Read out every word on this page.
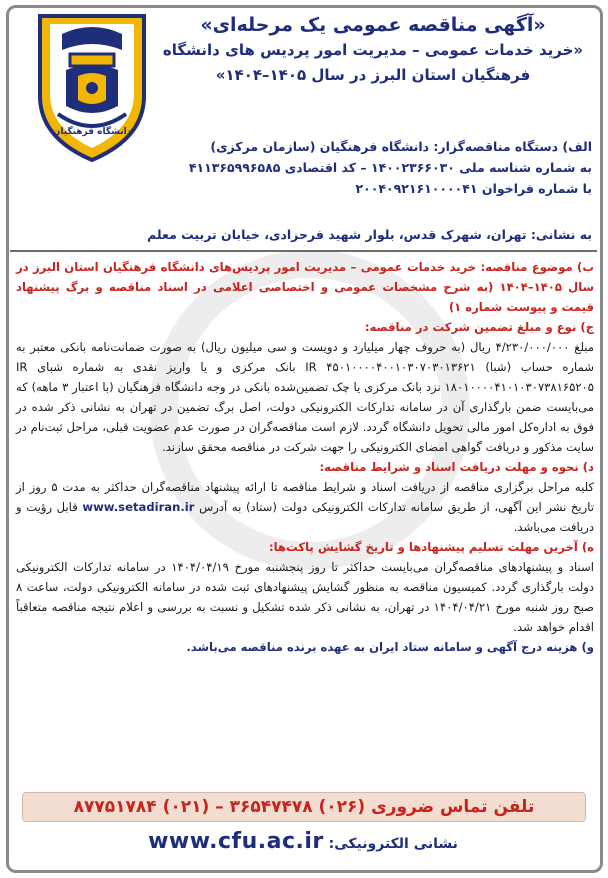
دانشگاه فرهنگیان
«آگهی مناقصه عمومی یک مرحله‌ای»
«خرید خدمات عمومی – مدیریت امور پردیس های دانشگاه
فرهنگیان استان البرز در سال ۱۴۰۵–۱۴۰۴»
الف) دستگاه مناقصه‌گزار: دانشگاه فرهنگیان (سازمان مرکزی)
به شماره شناسه ملی ۱۴۰۰۲۳۶۶۰۳۰ – کد اقتصادی ۴۱۱۳۶۵۹۹۶۵۸۵
با شماره فراخوان ۲۰۰۴۰۹۲۱۶۱۰۰۰۰۴۱
به نشانی: تهران، شهرک قدس، بلوار شهید فرحزادی، خیابان تربیت معلم

ب) موضوع مناقصه: خرید خدمات عمومی – مدیریت امور پردیس‌های دانشگاه فرهنگیان استان البرز در سال ۱۴۰۵–۱۴۰۴ (به شرح مشخصات عمومی و اختصاصی اعلامی در اسناد مناقصه و برگ پیشنهاد قیمت و پیوست شماره ۱)

ج) نوع و مبلغ تضمین شرکت در مناقصه:

مبلغ ۴/۲۳۰/۰۰۰/۰۰۰ ریال (به حروف چهار میلیارد و دویست و سی میلیون ریال) به صورت ضمانت‌نامه بانکی معتبر به شماره حساب (شبا) IR ۴۵۰۱۰۰۰۰۴۰۰۱۰۳۰۷۰۳۰۱۳۶۲۱ بانک مرکزی و یا واریز نقدی به شماره شبای IR ۱۸۰۱۰۰۰۰۴۱۰۱۰۳۰۷۳۸۱۶۵۲۰۵ نزد بانک مرکزی یا چک تضمین‌شده بانکی در وجه دانشگاه فرهنگیان (با اعتبار ۳ ماهه) که می‌بایست ضمن بارگذاری آن در سامانه تدارکات الکترونیکی دولت، اصل برگ تضمین در تهران به نشانی ذکر شده در فوق به اداره‌کل امور مالی تحویل دانشگاه گردد. لازم است مناقصه‌گران در صورت عدم عضویت قبلی، مراحل ثبت‌نام در سایت مذکور و دریافت گواهی امضای الکترونیکی را جهت شرکت در مناقصه محقق سازند.

د) نحوه و مهلت دریافت اسناد و شرایط مناقصه:

کلیه مراحل برگزاری مناقصه از دریافت اسناد و شرایط مناقصه تا ارائه پیشنهاد مناقصه‌گران حداکثر به مدت ۵ روز از تاریخ نشر این آگهی، از طریق سامانه تدارکات الکترونیکی دولت (ستاد) به آدرس www.setadiran.ir قابل رؤیت و دریافت می‌باشد.

ه) آخرین مهلت تسلیم پیشنهادها و تاریخ گشایش پاکت‌ها:

اسناد و پیشنهادهای مناقصه‌گران می‌بایست حداکثر تا روز پنجشنبه مورخ ۱۴۰۴/۰۴/۱۹ در سامانه تدارکات الکترونیکی دولت بارگذاری گردد. کمیسیون مناقصه به منظور گشایش پیشنهادهای ثبت شده در سامانه الکترونیکی دولت، ساعت ۸ صبح روز شنبه مورخ ۱۴۰۴/۰۴/۲۱ در تهران، به نشانی ذکر شده تشکیل و نسبت به بررسی و اعلام نتیجه مناقصه متعاقباً اقدام خواهد شد.

و) هزینه درج آگهی و سامانه ستاد ایران به عهده برنده مناقصه می‌باشد.

تلفن تماس ضروری ۳۶۵۴۷۴۷۸ (۰۲۶) – ۸۷۷۵۱۷۸۴ (۰۲۱)
نشانی الکترونیکی: www.cfu.ac.ir
